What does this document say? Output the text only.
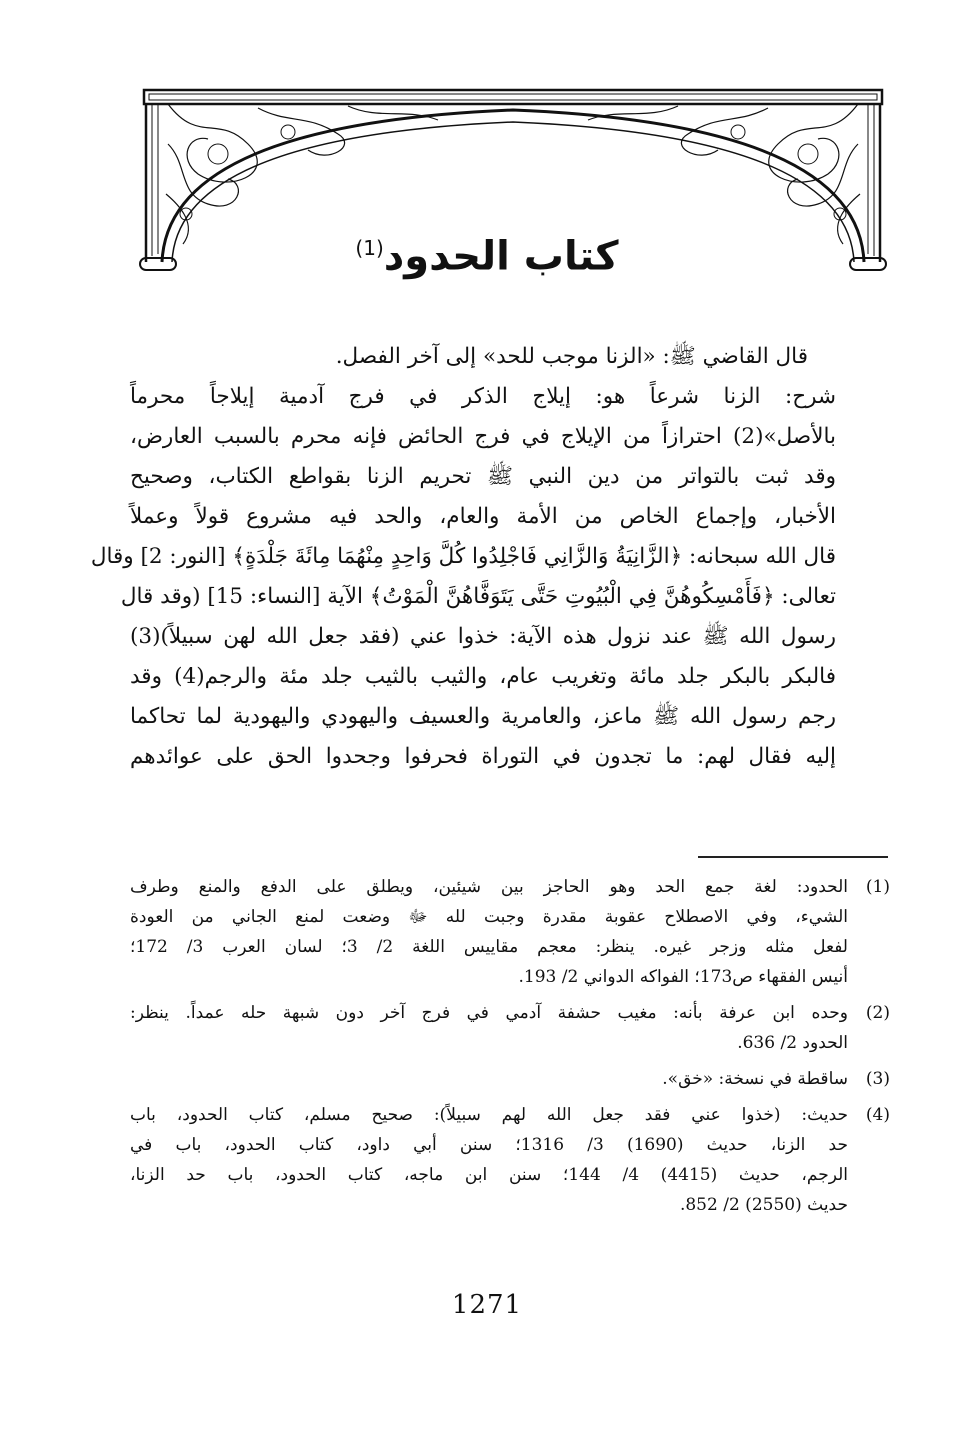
كتاب الحدود$^{(1)}$
قال القاضي ﷺ: «الزنا موجب للحد» إلى آخر الفصل.
شرح: الزنا شرعاً هو: إيلاج الذكر في فرج آدمية إيلاجاً محرماً
بالأصل»(2) احترازاً من الإيلاج في فرج الحائض فإنه محرم بالسبب العارض،
وقد ثبت بالتواتر من دين النبي ﷺ تحريم الزنا بقواطع الكتاب، وصحيح
الأخبار، وإجماع الخاص من الأمة والعام، والحد فيه مشروع قولاً وعملاً
قال الله سبحانه: ﴿الزَّانِيَةُ وَالزَّانِي فَاجْلِدُوا كُلَّ وَاحِدٍ مِنْهُمَا مِائَةَ جَلْدَةٍ﴾ [النور: 2] وقال
تعالى: ﴿فَأَمْسِكُوهُنَّ فِي الْبُيُوتِ حَتَّى يَتَوَفَّاهُنَّ الْمَوْتُ﴾ الآية [النساء: 15] (وقد قال
رسول الله ﷺ عند نزول هذه الآية: خذوا عني (فقد جعل الله لهن سبيلاً)(3)
فالبكر بالبكر جلد مائة وتغريب عام، والثيب بالثيب جلد مئة والرجم(4) وقد
رجم رسول الله ﷺ ماعز، والعامرية والعسيف واليهودي واليهودية لما تحاكما
إليه فقال لهم: ما تجدون في التوراة فحرفوا وجحدوا الحق على عوائدهم
(1)
الحدود: لغة جمع الحد وهو الحاجز بين شيئين، ويطلق على الدفع والمنع وطرف
الشيء، وفي الاصطلاح عقوبة مقدرة وجبت لله ﷻ وضعت لمنع الجاني من العودة
لفعل مثله وزجر غيره. ينظر: معجم مقاييس اللغة 2/ 3؛ لسان العرب 3/ 172؛
أنيس الفقهاء ص173؛ الفواكه الدواني 2/ 193.
(2)
وحده ابن عرفة بأنه: مغيب حشفة آدمي في فرج آخر دون شبهة حله عمداً. ينظر:
الحدود 2/ 636.
(3)
ساقطة في نسخة: «خق».
(4)
حديث: (خذوا عني فقد جعل الله لهم سبيلاً): صحيح مسلم، كتاب الحدود، باب
حد الزنا، حديث (1690) 3/ 1316؛ سنن أبي داود، كتاب الحدود، باب في
الرجم، حديث (4415) 4/ 144؛ سنن ابن ماجه، كتاب الحدود، باب حد الزنا،
حديث (2550) 2/ 852.
1271
